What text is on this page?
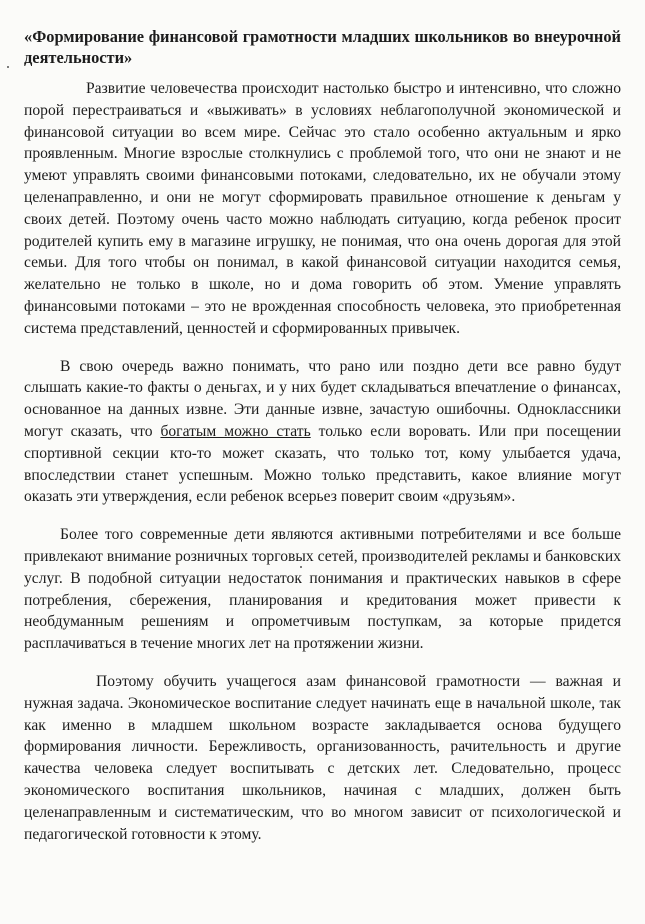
«Формирование финансовой грамотности младших школьников во внеурочной деятельности»

Развитие человечества происходит настолько быстро и интенсивно, что сложно порой перестраиваться и «выживать» в условиях неблагополучной экономической и финансовой ситуации во всем мире. Сейчас это стало особенно актуальным и ярко проявленным. Многие взрослые столкнулись с проблемой того, что они не знают и не умеют управлять своими финансовыми потоками, следовательно, их не обучали этому целенаправленно, и они не могут сформировать правильное отношение к деньгам у своих детей. Поэтому очень часто можно наблюдать ситуацию, когда ребенок просит родителей купить ему в магазине игрушку, не понимая, что она очень дорогая для этой семьи. Для того чтобы он понимал, в какой финансовой ситуации находится семья, желательно не только в школе, но и дома говорить об этом. Умение управлять финансовыми потоками – это не врожденная способность человека, это приобретенная система представлений, ценностей и сформированных привычек.

В свою очередь важно понимать, что рано или поздно дети все равно будут слышать какие-то факты о деньгах, и у них будет складываться впечатление о финансах, основанное на данных извне. Эти данные извне, зачастую ошибочны. Одноклассники могут сказать, что богатым можно стать только если воровать. Или при посещении спортивной секции кто-то может сказать, что только тот, кому улыбается удача, впоследствии станет успешным. Можно только представить, какое влияние могут оказать эти утверждения, если ребенок всерьез поверит своим «друзьям».

Более того современные дети являются активными потребителями и все больше привлекают внимание розничных торговых сетей, производителей рекламы и банковских услуг. В подобной ситуации недостаток понимания и практических навыков в сфере потребления, сбережения, планирования и кредитования может привести к необдуманным решениям и опрометчивым поступкам, за которые придется расплачиваться в течение многих лет на протяжении жизни.

Поэтому обучить учащегося азам финансовой грамотности — важная и нужная задача. Экономическое воспитание следует начинать еще в начальной школе, так как именно в младшем школьном возрасте закладывается основа будущего формирования личности. Бережливость, организованность, рачительность и другие качества человека следует воспитывать с детских лет. Следовательно, процесс экономического воспитания школьников, начиная с младших, должен быть целенаправленным и систематическим, что во многом зависит от психологической и педагогической готовности к этому.
